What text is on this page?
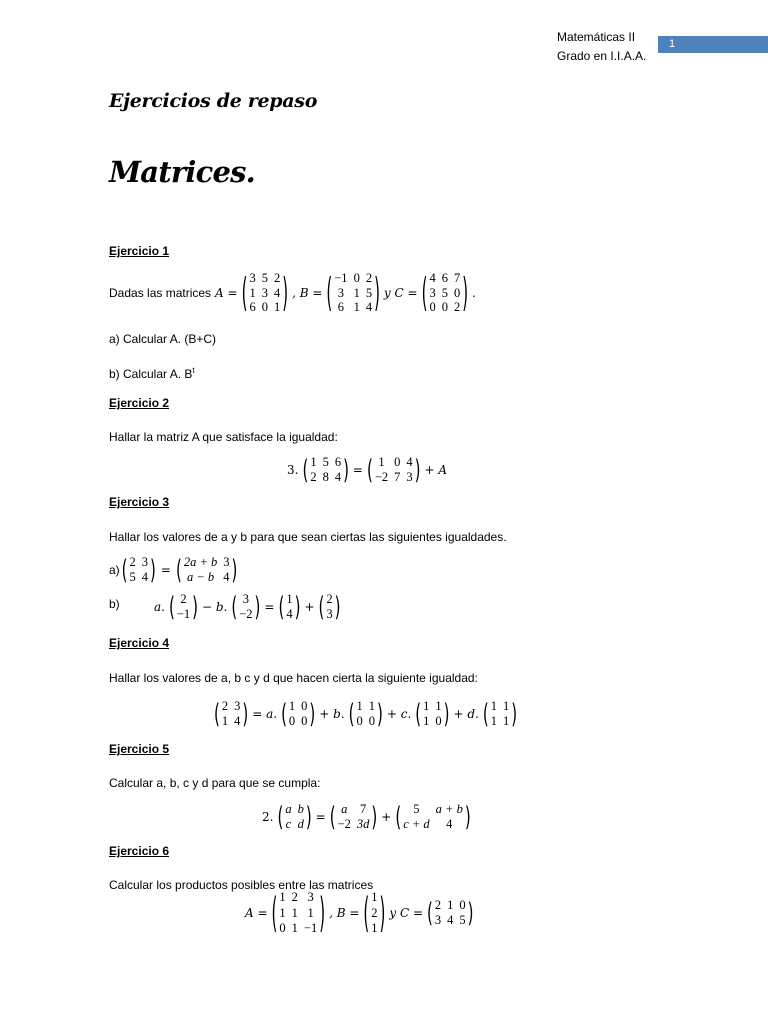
Matemáticas II
Grado en I.I.A.A.
1
Ejercicios de repaso
Matrices.
Ejercicio 1
Dadas las matrices A = ( 3 5 2
1 3 4
6 0 1 ) , B = ( −1 0 2
3 1 5
6 1 4 ) y C = ( 4 6 7
3 5 0
0 0 2 ) .
a) Calcular A. (B+C)
b) Calcular A. $B^t$
Ejercicio 2
Hallar la matriz A que satisface la igualdad:
3. ( 1 5 6
2 8 4 ) = ( 1 0 4
−2 7 3 ) + A
Ejercicio 3
Hallar los valores de a y b para que sean ciertas las siguientes igualdades.
a) ( 2 3
5 4 ) = ( 2a + b 3
a − b 4 )
b)	a. ( 2
−1 ) − b. ( 3
−2 ) = ( 1
4 ) + ( 2
3 )
Ejercicio 4
Hallar los valores de a, b c y d que hacen cierta la siguiente igualdad:
( 2 3
1 4 ) = a. ( 1 0
0 0 ) + b. ( 1 1
0 0 ) + c. ( 1 1
1 0 ) + d. ( 1 1
1 1 )
Ejercicio 5
Calcular a, b, c y d para que se cumpla:
2. ( a b
c d ) = ( a 7
−2 3d ) + ( 5	a + b
c + d	4 )
Ejercicio 6
Calcular los productos posibles entre las matrices
A = ( 1 2 3
1 1 1
0 1 −1 ) , B = ( 1
2
1 ) y C = ( 2 1 0
3 4 5 )
